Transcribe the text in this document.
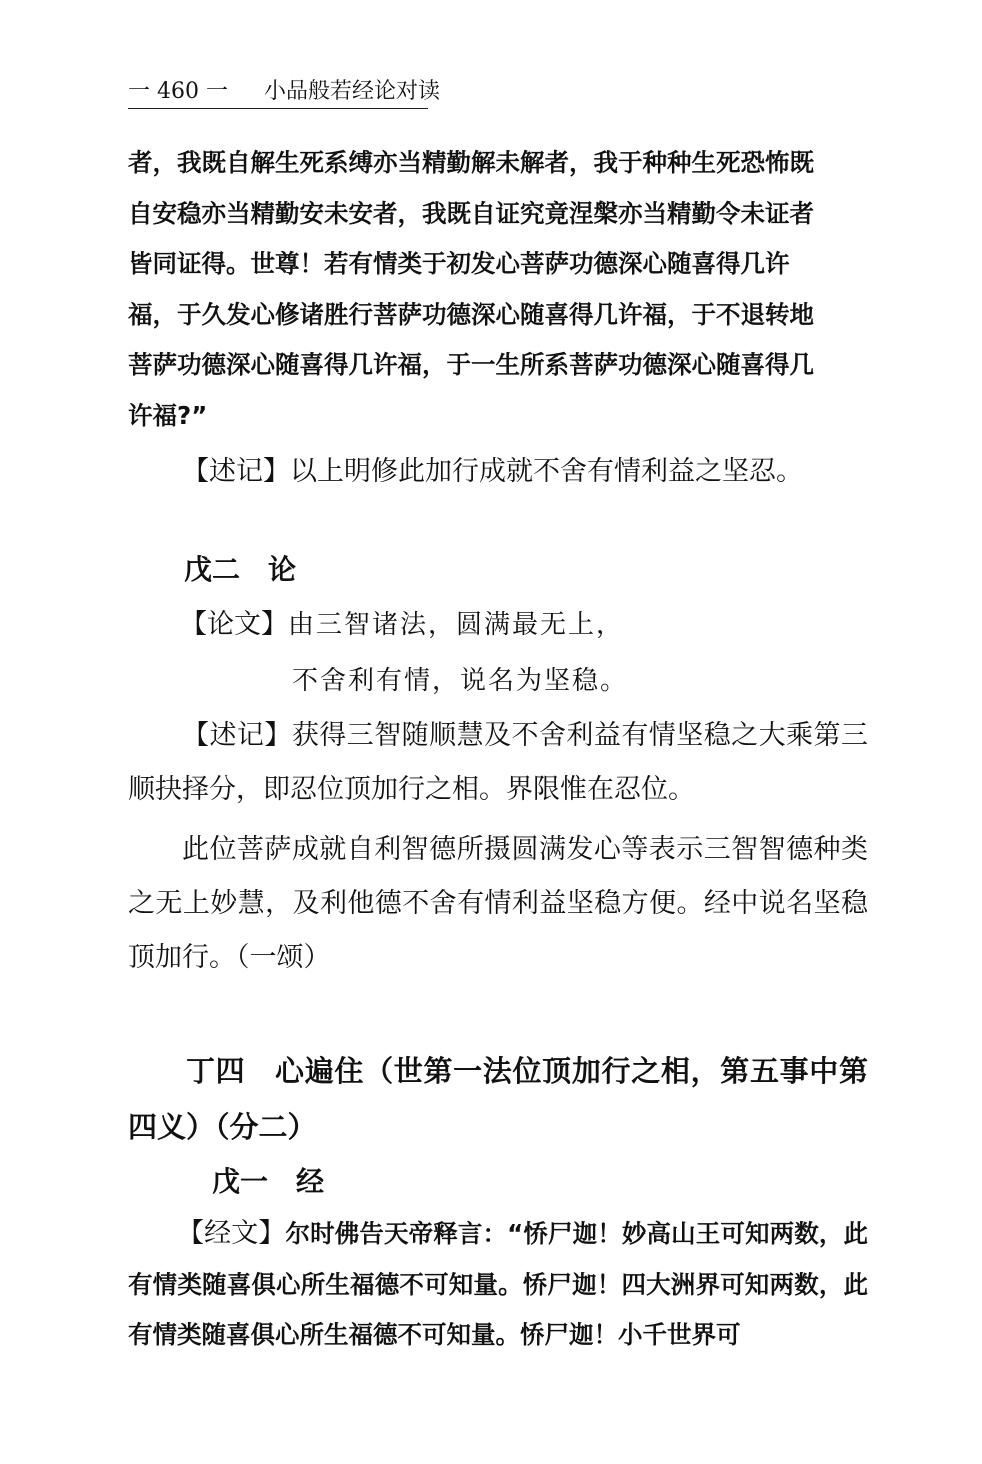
一 460 一 小品般若经论对读

者，我既自解生死系缚亦当精勤解未解者，我于种种生死恐怖既

自安稳亦当精勤安未安者，我既自证究竟涅槃亦当精勤令未证者

皆同证得。世尊！若有情类于初发心菩萨功德深心随喜得几许

福，于久发心修诸胜行菩萨功德深心随喜得几许福，于不退转地

菩萨功德深心随喜得几许福，于一生所系菩萨功德深心随喜得几

许福?”

【述记】以上明修此加行成就不舍有情利益之坚忍。

戊二　论

【论文】由三智诸法，圆满最无上，

不舍利有情，说名为坚稳。

【述记】获得三智随顺慧及不舍利益有情坚稳之大乘第三顺抉择分，即忍位顶加行之相。界限惟在忍位。

此位菩萨成就自利智德所摄圆满发心等表示三智智德种类之无上妙慧，及利他德不舍有情利益坚稳方便。经中说名坚稳顶加行。（一颂）

丁四　心遍住（世第一法位顶加行之相，第五事中第四义）（分二）

戊一　经

【经文】尔时佛告天帝释言：“㤭尸迦！妙高山王可知两数，此有情类随喜俱心所生福德不可知量。㤭尸迦！四大洲界可知两数，此有情类随喜俱心所生福德不可知量。㤭尸迦！小千世界可
